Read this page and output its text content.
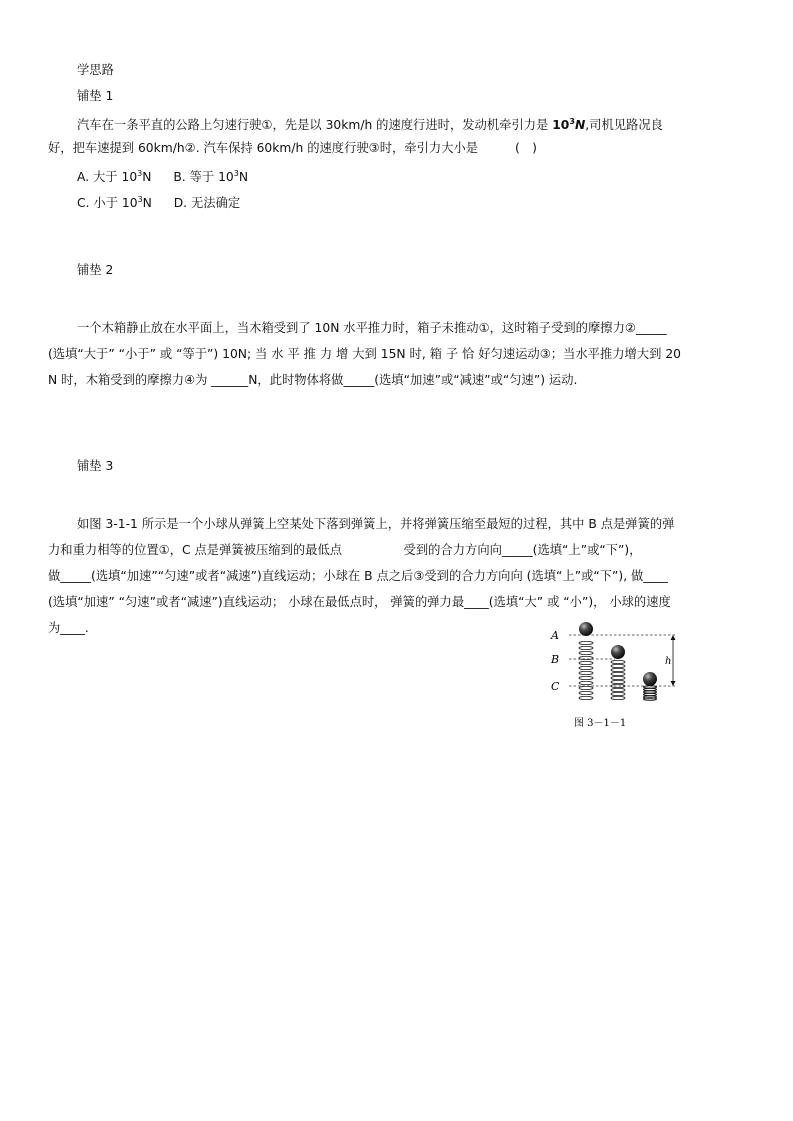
学思路
铺垫 1
汽车在一条平直的公路上匀速行驶①，先是以 30km/h 的速度行进时，发动机牵引力是 $10^3N$,司机见路况良
好，把车速提到 60km/h②. 汽车保持 60km/h 的速度行驶③时，牵引力大小是　　　(　)
A. 大于 $10^3N$ B. 等于 $10^3N$
C. 小于 $10^3N$ D. 无法确定
铺垫 2
一个木箱静止放在水平面上，当木箱受到了 10N 水平推力时，箱子未推动①，这时箱子受到的摩擦力②_____
(选填“大于” “小于” 或 “等于”) 10N; 当 水 平 推 力 增 大到 15N 时, 箱 子 恰 好匀速运动③；当水平推力增大到 20
N 时，木箱受到的摩擦力④为 ______N，此时物体将做_____(选填“加速”或“减速”或“匀速”) 运动.
铺垫 3
如图 3-1-1 所示是一个小球从弹簧上空某处下落到弹簧上，并将弹簧压缩至最短的过程，其中 B 点是弹簧的弹
力和重力相等的位置①，C 点是弹簧被压缩到的最低点　　　　　受到的合力方向向_____(选填“上”或“下”)，
做_____(选填“加速”“匀速”或者“减速”)直线运动；小球在 B 点之后③受到的合力方向向 (选填“上”或“下”), 做____
(选填“加速” “匀速”或者“减速”)直线运动； 小球在最低点时， 弹簧的弹力最____(选填“大” 或 “小”)， 小球的速度
为____.
A
B
C
h
图 3－1－1
